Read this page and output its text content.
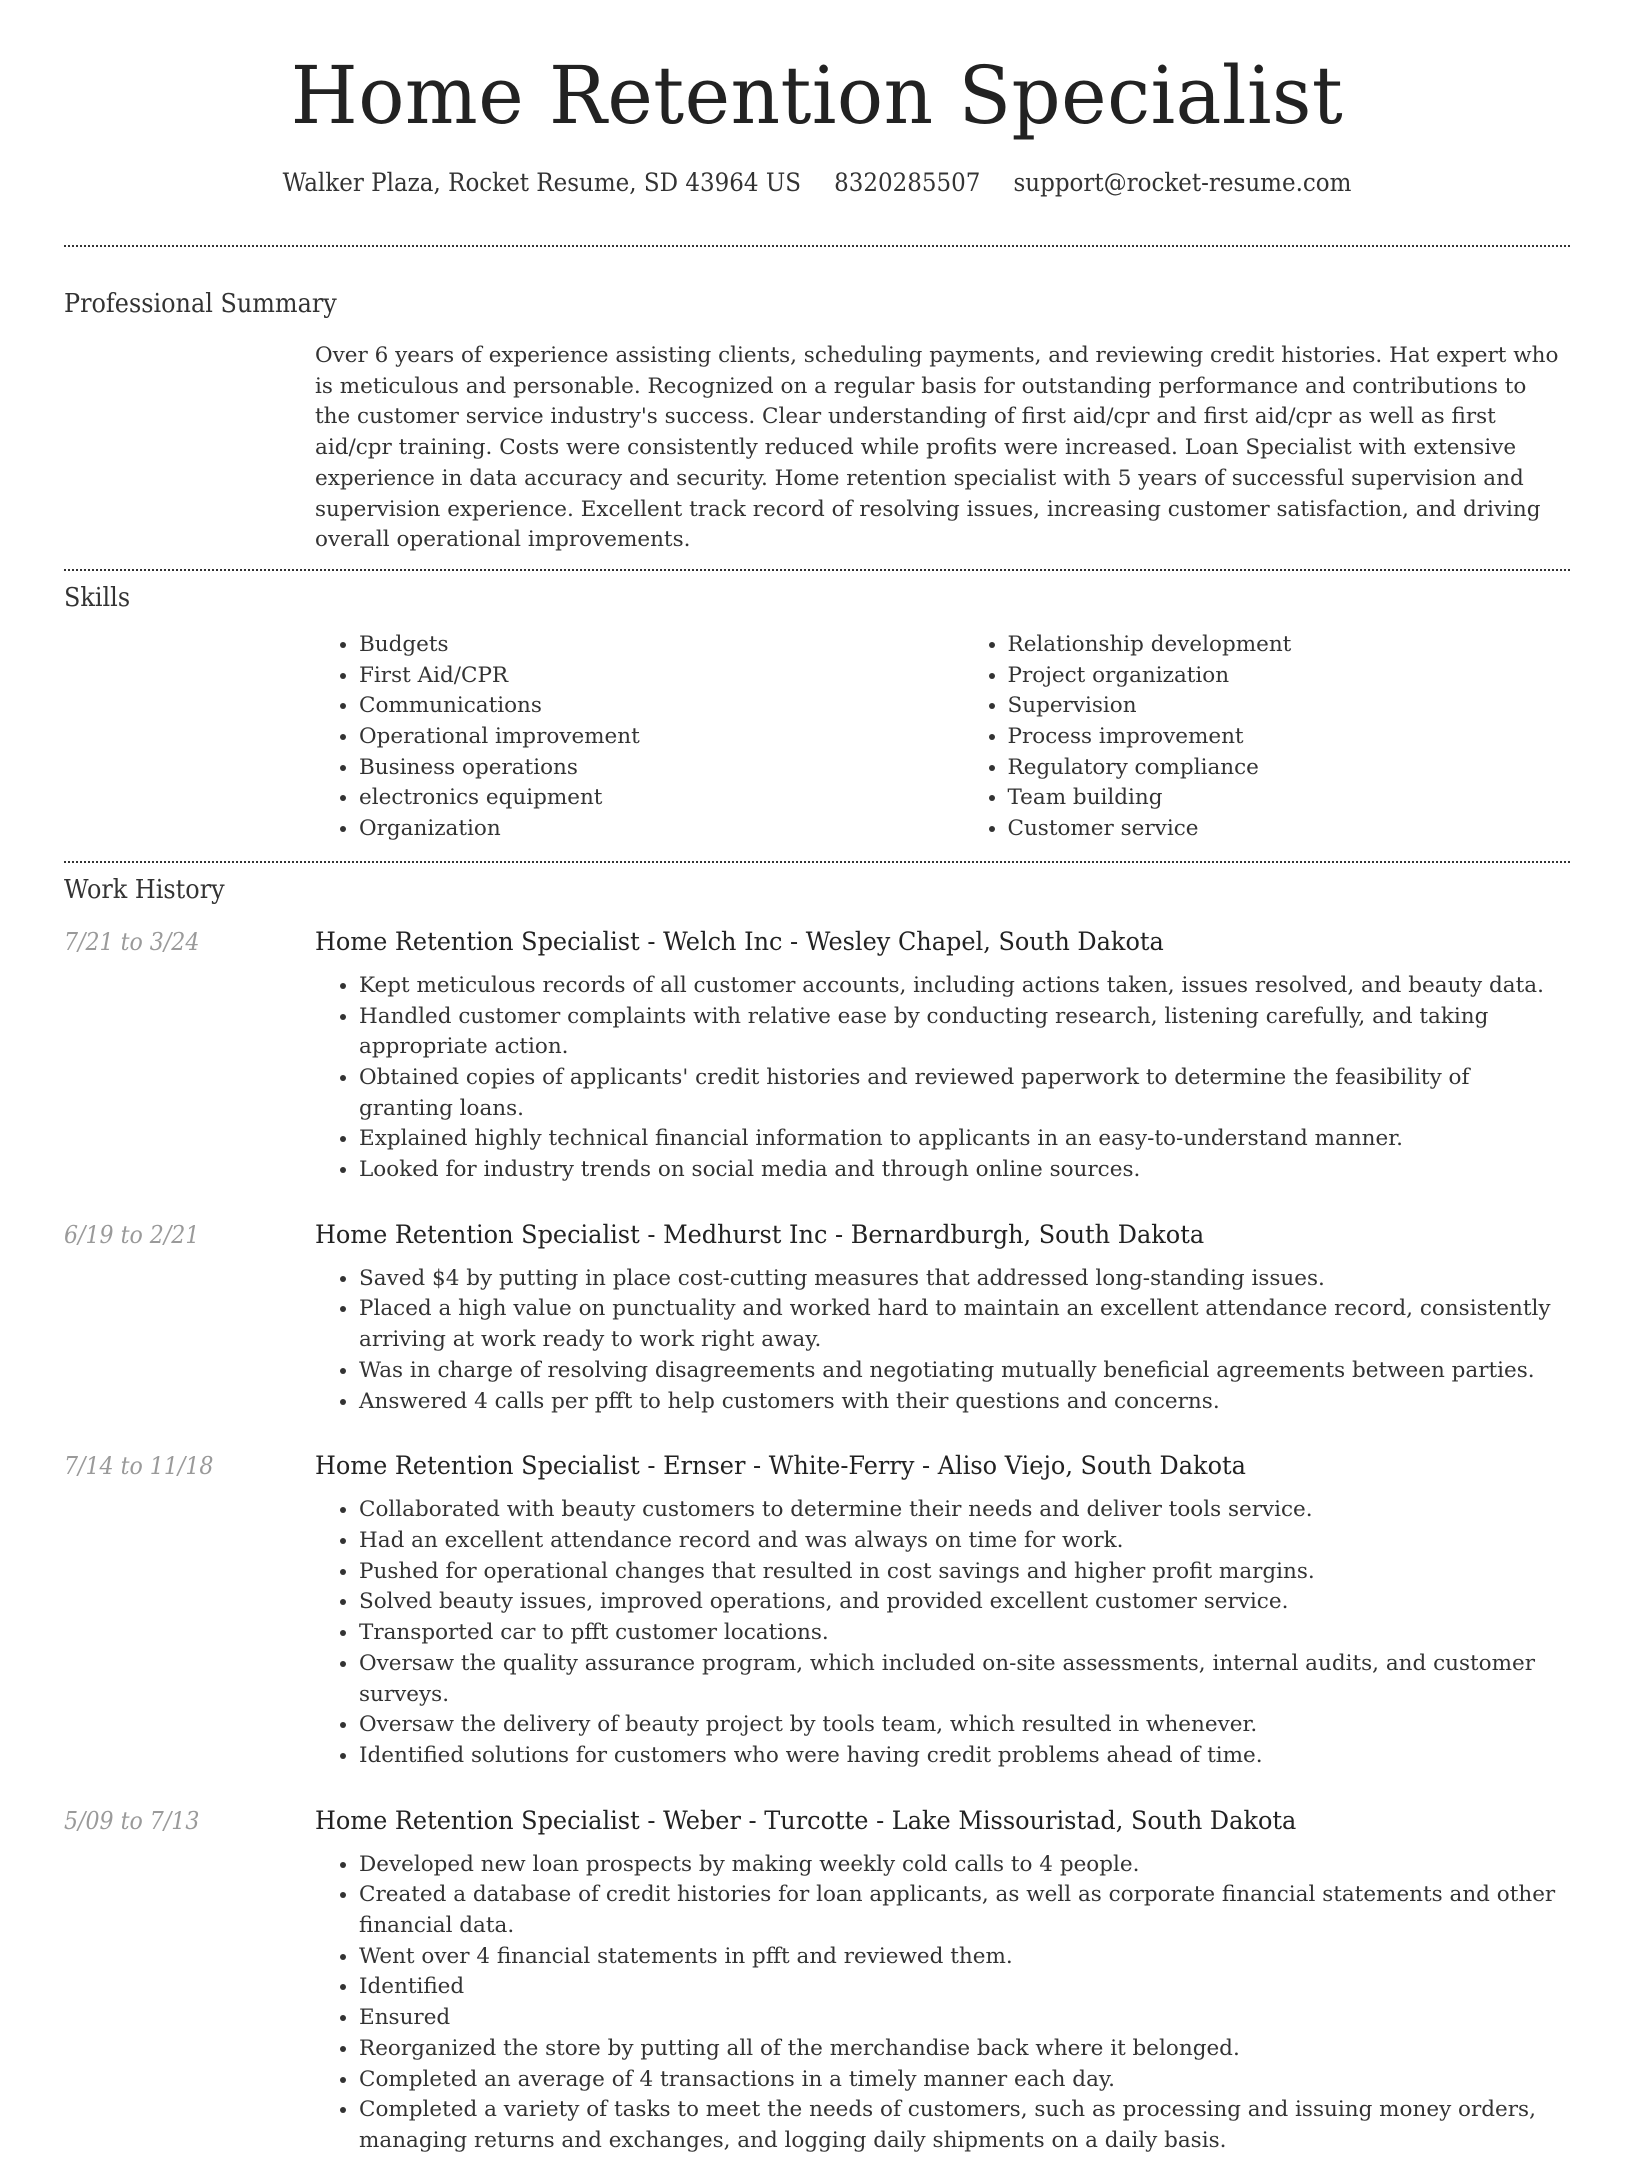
Home Retention Specialist
Walker Plaza, Rocket Resume, SD 43964 US 8320285507 support@rocket-resume.com
Professional Summary

Over 6 years of experience assisting clients, scheduling payments, and reviewing credit histories. Hat expert who is meticulous and personable. Recognized on a regular basis for outstanding performance and contributions to the customer service industry's success. Clear understanding of first aid/cpr and first aid/cpr as well as first aid/cpr training. Costs were consistently reduced while profits were increased. Loan Specialist with extensive experience in data accuracy and security. Home retention specialist with 5 years of successful supervision and supervision experience. Excellent track record of resolving issues, increasing customer satisfaction, and driving overall operational improvements.

Skills
• Budgets
• First Aid/CPR
• Communications
• Operational improvement
• Business operations
• electronics equipment
• Organization
• Relationship development
• Project organization
• Supervision
• Process improvement
• Regulatory compliance
• Team building
• Customer service
Work History
7/21 to 3/24	Home Retention Specialist - Welch Inc - Wesley Chapel, South Dakota
• Kept meticulous records of all customer accounts, including actions taken, issues resolved, and beauty data.
• Handled customer complaints with relative ease by conducting research, listening carefully, and taking appropriate action.
• Obtained copies of applicants' credit histories and reviewed paperwork to determine the feasibility of granting loans.
• Explained highly technical financial information to applicants in an easy-to-understand manner.
• Looked for industry trends on social media and through online sources.
6/19 to 2/21	Home Retention Specialist - Medhurst Inc - Bernardburgh, South Dakota
• Saved $4 by putting in place cost-cutting measures that addressed long-standing issues.
• Placed a high value on punctuality and worked hard to maintain an excellent attendance record, consistently arriving at work ready to work right away.
• Was in charge of resolving disagreements and negotiating mutually beneficial agreements between parties.
• Answered 4 calls per pfft to help customers with their questions and concerns.
7/14 to 11/18	Home Retention Specialist - Ernser - White-Ferry - Aliso Viejo, South Dakota
• Collaborated with beauty customers to determine their needs and deliver tools service.
• Had an excellent attendance record and was always on time for work.
• Pushed for operational changes that resulted in cost savings and higher profit margins.
• Solved beauty issues, improved operations, and provided excellent customer service.
• Transported car to pfft customer locations.
• Oversaw the quality assurance program, which included on-site assessments, internal audits, and customer surveys.
• Oversaw the delivery of beauty project by tools team, which resulted in whenever.
• Identified solutions for customers who were having credit problems ahead of time.
5/09 to 7/13	Home Retention Specialist - Weber - Turcotte - Lake Missouristad, South Dakota
• Developed new loan prospects by making weekly cold calls to 4 people.
• Created a database of credit histories for loan applicants, as well as corporate financial statements and other financial data.
• Went over 4 financial statements in pfft and reviewed them.
• Identified
• Ensured
• Reorganized the store by putting all of the merchandise back where it belonged.
• Completed an average of 4 transactions in a timely manner each day.
• Completed a variety of tasks to meet the needs of customers, such as processing and issuing money orders, managing returns and exchanges, and logging daily shipments on a daily basis.
